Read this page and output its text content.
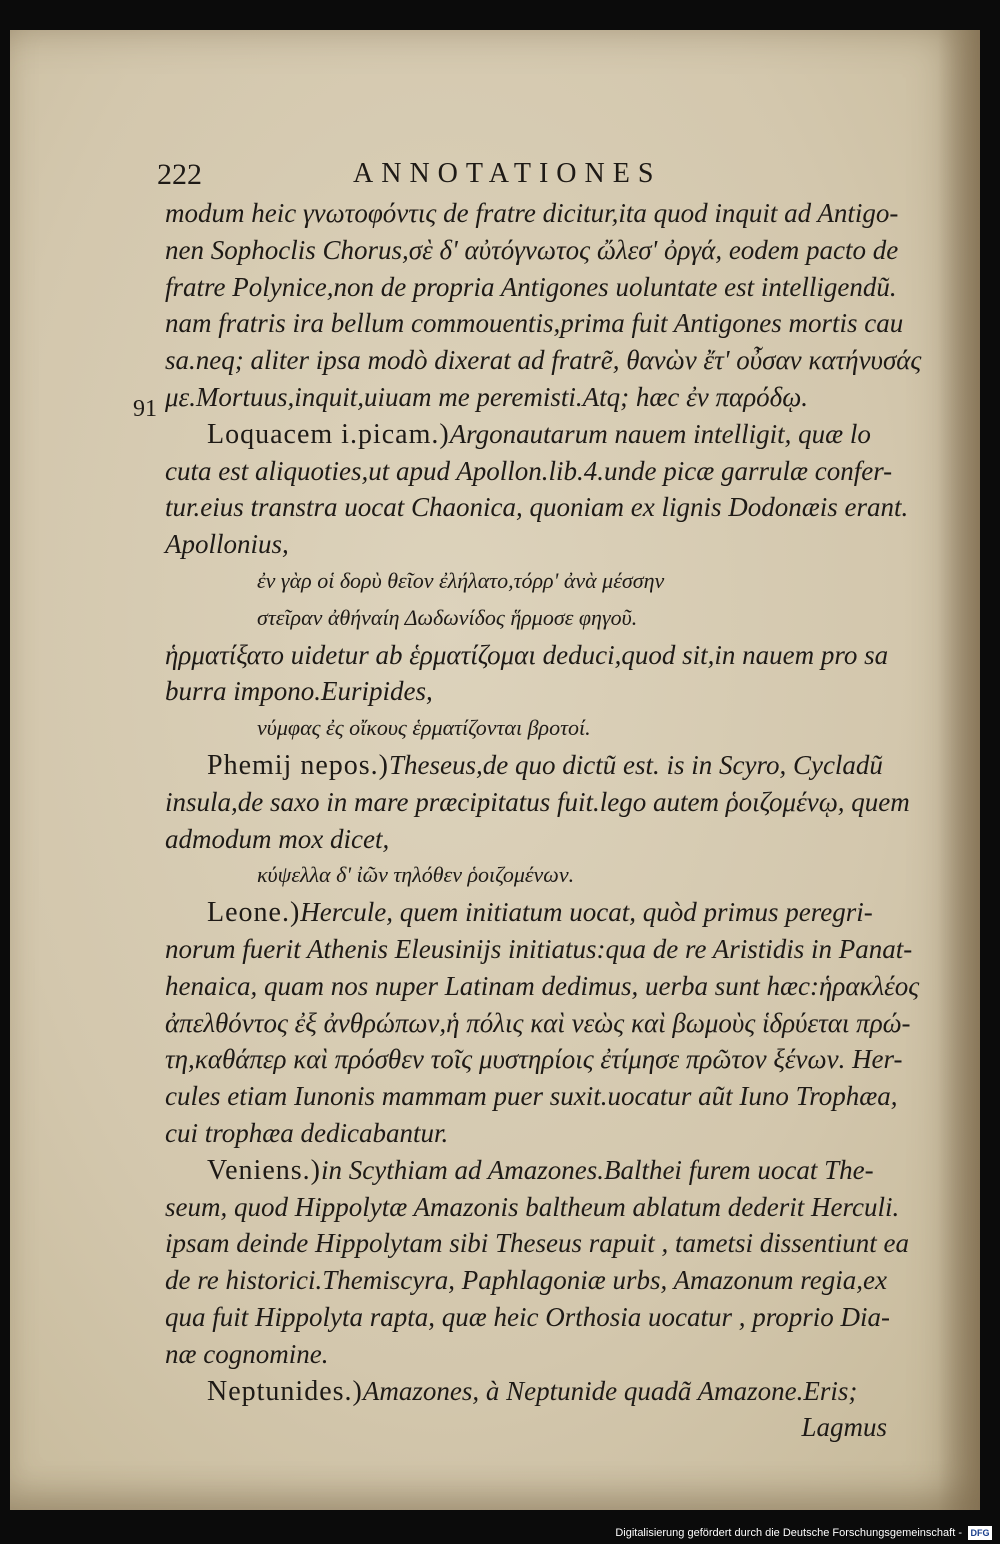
222	ANNOTATIONES
91
modum heic γνωτοφόντις de fratre dicitur,ita quod inquit ad Antigo-
nen Sophoclis Chorus,σὲ δ' αὐτόγνωτος ὤλεσ' ὀργά, eodem pacto de
fratre Polynice,non de propria Antigones uoluntate est intelligendũ.
nam fratris ira bellum commouentis,prima fuit Antigones mortis cau
sa.neq; aliter ipsa modò dixerat ad fratrẽ, θανὼν ἔτ' οὖσαν κατήνυσάς
με.Mortuus,inquit,uiuam me peremisti.Atq; hæc ἐν παρόδῳ.
Loquacem i.picam.)Argonautarum nauem intelligit, quæ lo
cuta est aliquoties,ut apud Apollon.lib.4.unde picæ garrulæ confer-
tur.eius transtra uocat Chaonica, quoniam ex lignis Dodonæis erant.
Apollonius,
ἐν γὰρ οἱ δορὺ θεῖον ἐλήλατο,τόρρ' ἀνὰ μέσσην
στεῖραν ἀθήναίη Δωδωνίδος ἥρμοσε φηγοῦ.
ἡρματίξατο uidetur ab ἑρματίζομαι deduci,quod sit,in nauem pro sa
burra impono.Euripides,
νύμφας ἐς οἴκους ἑρματίζονται βροτοί.
Phemij nepos.)Theseus,de quo dictũ est. is in Scyro, Cycladũ
insula,de saxo in mare præcipitatus fuit.lego autem ῥοιζομένῳ, quem
admodum mox dicet,
κύψελλα δ' ἰῶν τηλόθεν ῥοιζομένων.
Leone.)Hercule, quem initiatum uocat, quòd primus peregri-
norum fuerit Athenis Eleusinijs initiatus:qua de re Aristidis in Panat-
henaica, quam nos nuper Latinam dedimus, uerba sunt hæc:ἡρακλέος
ἀπελθόντος ἐξ ἀνθρώπων,ἡ πόλις καὶ νεὼς καὶ βωμοὺς ἱδρύεται πρώ-
τη,καθάπερ καὶ πρόσθεν τοῖς μυστηρίοις ἐτίμησε πρῶτον ξένων. Her-
cules etiam Iunonis mammam puer suxit.uocatur aũt Iuno Trophæa,
cui trophæa dedicabantur.
Veniens.)in Scythiam ad Amazones.Balthei furem uocat The-
seum, quod Hippolytæ Amazonis baltheum ablatum dederit Herculi.
ipsam deinde Hippolytam sibi Theseus rapuit , tametsi dissentiunt ea
de re historici.Themiscyra, Paphlagoniæ urbs, Amazonum regia,ex
qua fuit Hippolyta rapta, quæ heic Orthosia uocatur , proprio Dia-
næ cognomine.
Neptunides.)Amazones, à Neptunide quadã Amazone.Eris;
Lagmus
Digitalisierung gefördert durch die Deutsche Forschungsgemeinschaft - DFG
